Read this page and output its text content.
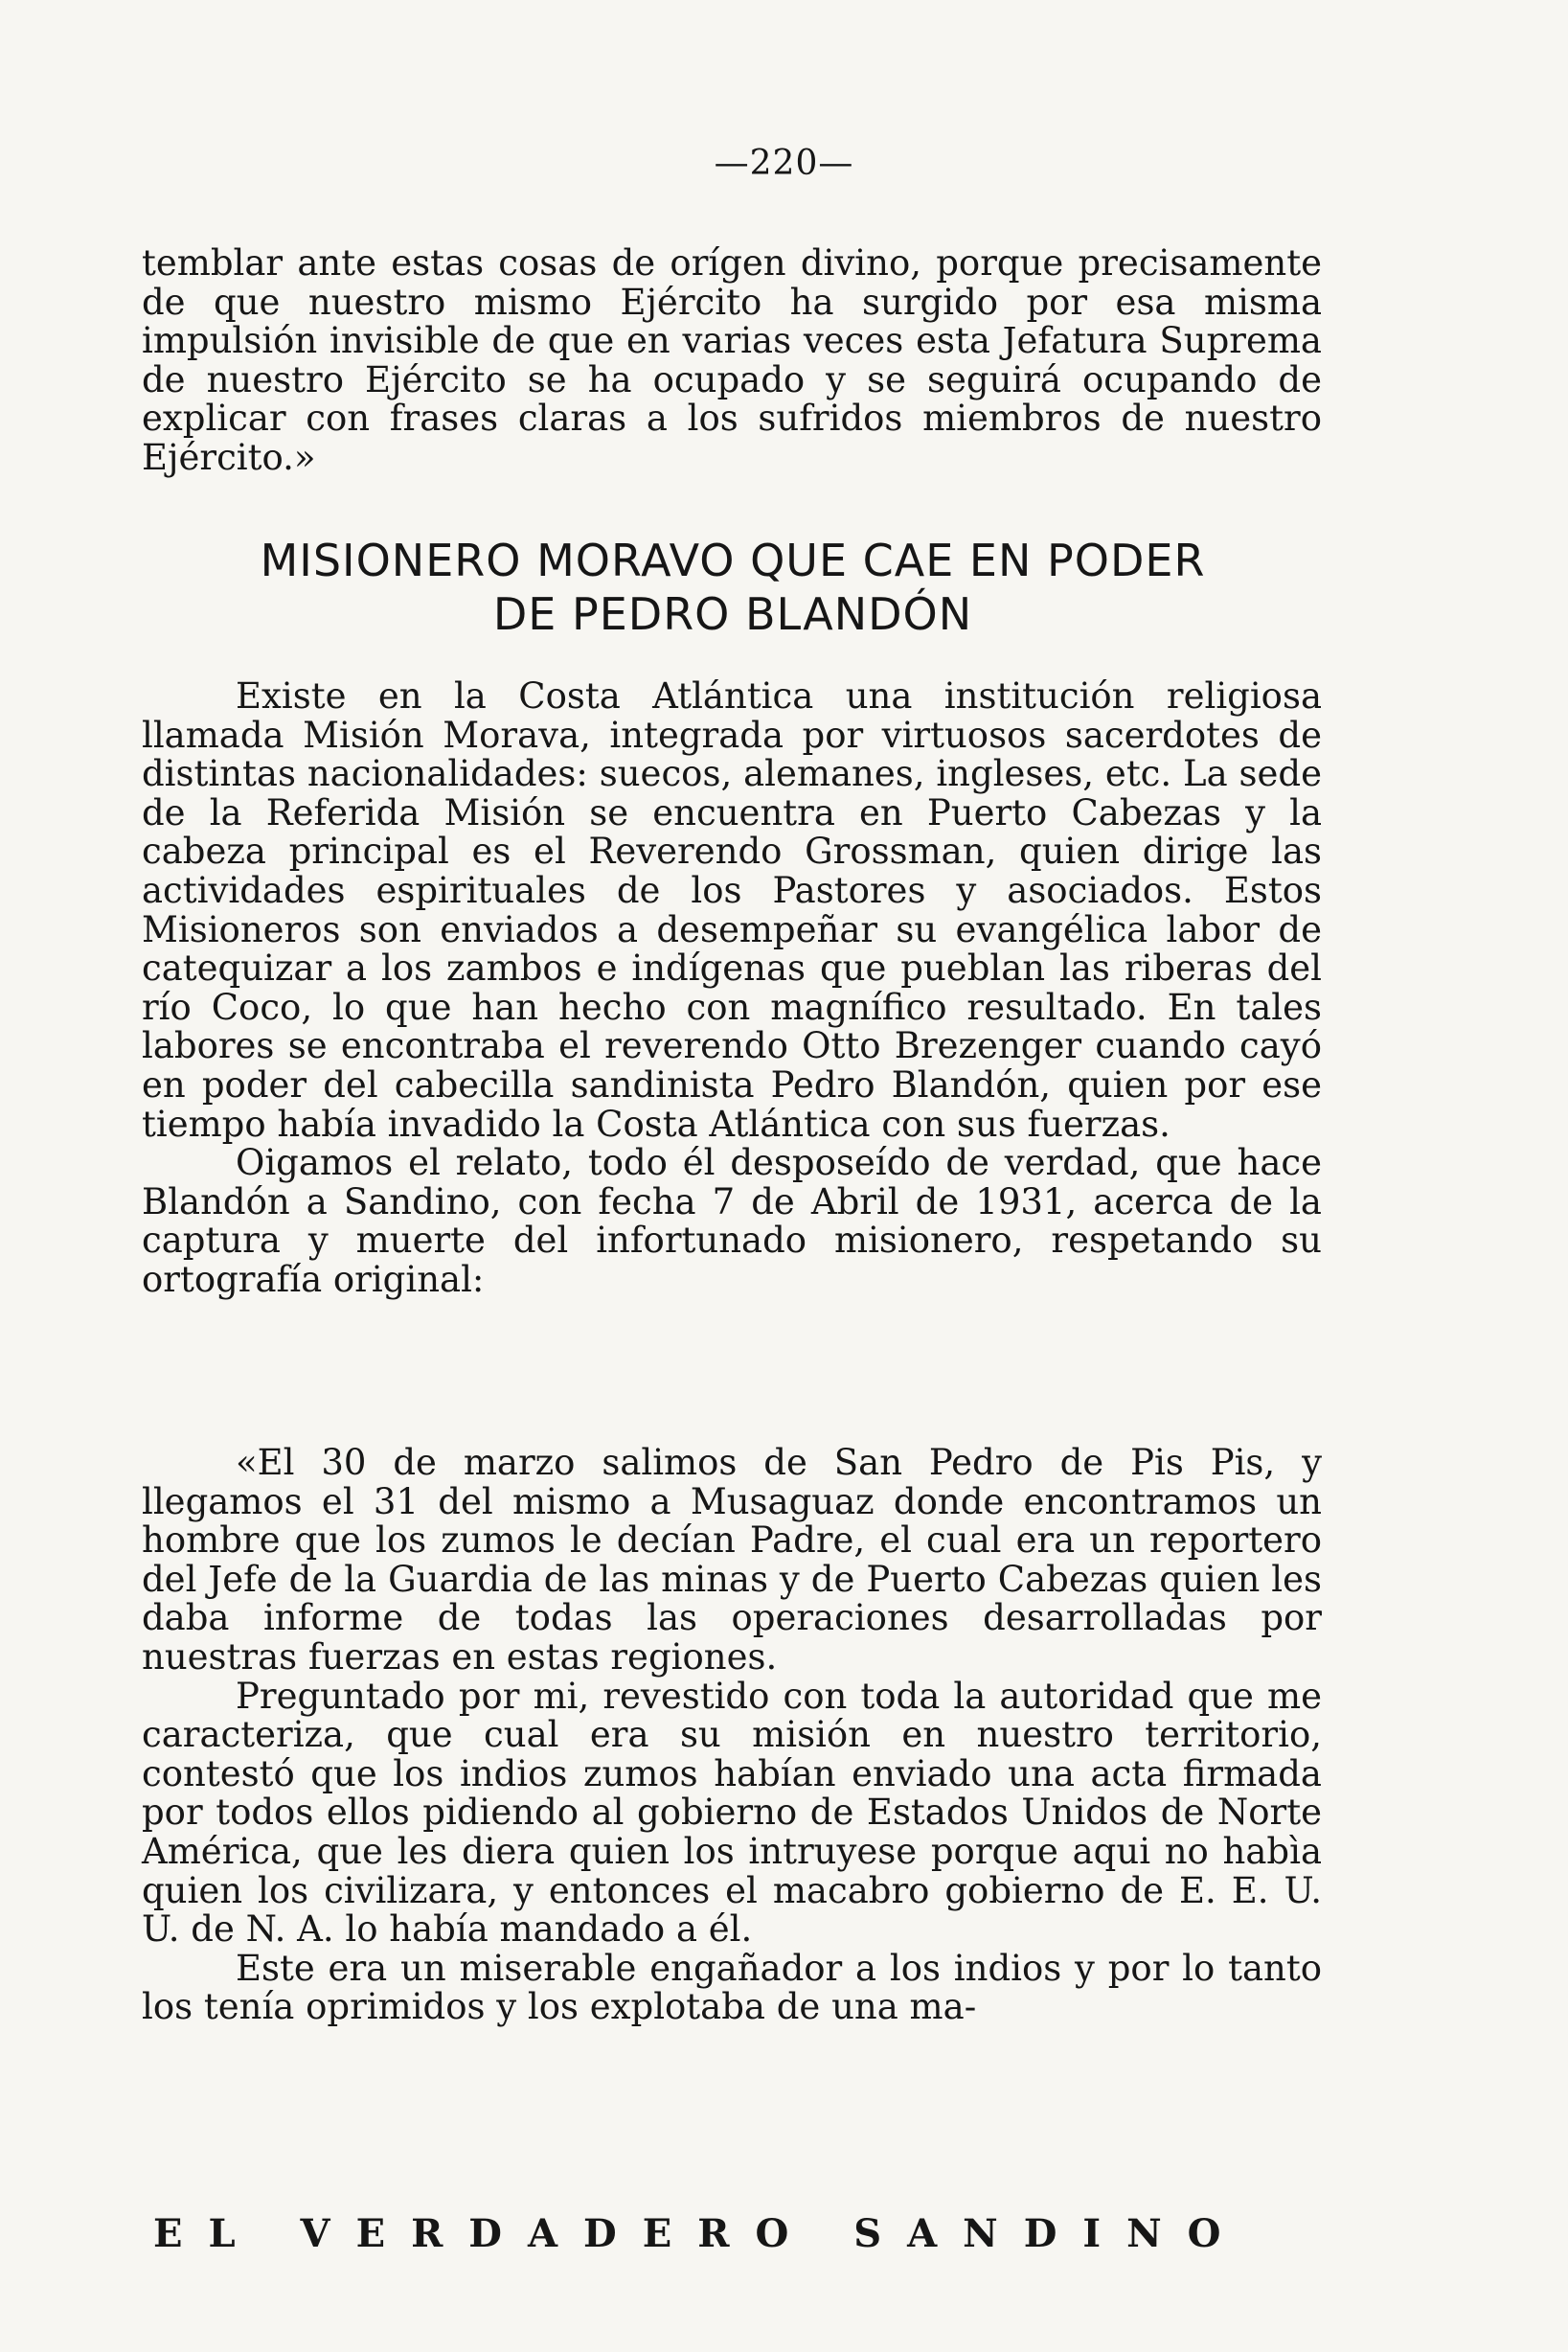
—220—

temblar ante estas cosas de orígen divino, porque precisamente de que nuestro mismo Ejército ha surgido por esa misma impulsión invisible de que en varias veces esta Jefatura Suprema de nuestro Ejército se ha ocupado y se seguirá ocupando de explicar con frases claras a los sufridos miembros de nuestro Ejército.»

MISIONERO MORAVO QUE CAE EN PODER
DE PEDRO BLANDÓN

Existe en la Costa Atlántica una institución religiosa llamada Misión Morava, integrada por virtuosos sacerdotes de distintas nacionalidades: suecos, alemanes, ingleses, etc. La sede de la Referida Misión se encuentra en Puerto Cabezas y la cabeza principal es el Reverendo Grossman, quien dirige las actividades espirituales de los Pastores y asociados. Estos Misioneros son enviados a desempeñar su evangélica labor de catequizar a los zambos e indígenas que pueblan las riberas del río Coco, lo que han hecho con magnífico resultado. En tales labores se encontraba el reverendo Otto Brezenger cuando cayó en poder del cabecilla sandinista Pedro Blandón, quien por ese tiempo había invadido la Costa Atlántica con sus fuerzas.

Oigamos el relato, todo él desposeído de verdad, que hace Blandón a Sandino, con fecha 7 de Abril de 1931, acerca de la captura y muerte del infortunado misionero, respetando su ortografía original:

«El 30 de marzo salimos de San Pedro de Pis Pis, y llegamos el 31 del mismo a Musaguaz donde encontramos un hombre que los zumos le decían Padre, el cual era un reportero del Jefe de la Guardia de las minas y de Puerto Cabezas quien les daba informe de todas las operaciones desarrolladas por nuestras fuerzas en estas regiones.

Preguntado por mi, revestido con toda la autoridad que me caracteriza, que cual era su misión en nuestro territorio, contestó que los indios zumos habían enviado una acta firmada por todos ellos pidiendo al gobierno de Estados Unidos de Norte América, que les diera quien los intruyese porque aqui no habìa quien los civilizara, y entonces el macabro gobierno de E. E. U. U. de N. A. lo había mandado a él.

Este era un miserable engañador a los indios y por lo tanto los tenía oprimidos y los explotaba de una ma-

EL VERDADERO SANDINO
